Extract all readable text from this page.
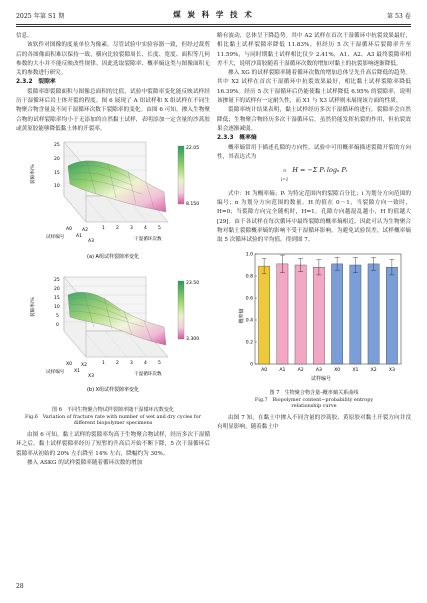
2025 年第 S1 期	煤 炭 科 学 技 术	第 53 卷

信息。

该软件对图像的度量单位为像素。尽管试验中实验容器一致，但经过裁剪后的各图像面积难以保持一致，横向比较裂隙周长、长度、宽度、面积等几何参数的大小并不能反映改性规律。因此选取裂隙率、概率熵这类与图像面积无关的参数进行研究。

2.3.2　裂隙率

裂隙率即裂隙面积与图像总面积的比值，试验中裂隙率变化能反映试样经历干湿循环后岩土体开裂的程度。图 6 展现了 A 组试样和 X 组试样在不同生物聚合物含量及不同干湿循环次数下裂隙率的变化。由图 6 可知，掺入生物聚合物的试样裂隙率均小于无添加的自然黏土试样，表明添加一定含量的沙蒿胶或黄原胶能够降低黏土体的开裂率。

25
20
15
10
裂隙率/%
A0
A1
A2
A3
试样编号
1 2 3 4 5
干湿循环次数
22.05
8.150
(a) A组试样裂隙率变化

25
20
15
10
5
0
裂隙率/%
X0
X1
X2
X3
试样编号
1 2 3 4 5
干湿循环次数
23.50
3.300
(b) X组试样裂隙率变化
图 6　不同生物聚合物试样裂隙率随干湿循环次数变化
Fig.6　Variation of fracture rate with number of wet and dry cycles for different biopolymer specimens

由图 6 可知，黏土试样的裂隙率均高于生物聚合物试样，经历多次干湿循环之后，黏土试样裂隙率经历了短暂的升高后开始不断下降，5 次干湿循环后裂隙率从初始的 20% 左右降至 14% 左右，降幅约为 30%。

掺入 ASKG 的试样裂隙率随着循环次数的增加

略有波动，总体呈下降趋势。其中 A2 试样在首次干湿循环中抗裂效果最好，相比黏土试样裂隙率降低 11.83%。但经历 5 次干湿循环后裂隙率升至 11.59%，与同时期黏土试样相比仅少 2.41%，A1、A2、A3 最终裂隙率相差不大，说明沙蒿胶随着干湿循环次数的增加对黏土的抗裂影响逐渐降低。

掺入 XG 的试样裂隙率随着循环次数的增加总体呈先升高后降低的趋势。其中 X2 试样在首次干湿循环中抗裂效果最好，相比黏土试样裂隙率降低 16.39%。经历 5 次干湿循环后仍能使黏土试样降低 6.95% 的裂隙率，说明该掺量下的试样有一定耐久性，而 X1 与 X3 试样则未展现该方面的性质。

裂隙率统计结果表明，黏土试样经历多次干湿循环的进行，裂隙率会自然降低；生物聚合物经历多次干湿循环后，虽然仍能发挥抗裂的作用，但抗裂效果会逐渐减弱。

2.3.3　概率熵

概率熵常用于描述孔隙的方向性，试验中可用概率熵描述裂隙开裂的方向性，其表达式为

n
i=1 H = −Σ Pᵢ logₙ Pᵢ

式中：H 为概率熵；Pᵢ 为特定范围内的裂隙百分比；i 为划分方向范围的编号；n 为划分方向范围的数量。H 的值在 0～1，当裂隙方向一致时，H=0；当裂隙方向完全随机时，H=1。孔隙方向越混乱越小，H 的值越大[29]。由于各试样在每次循环中最终裂隙的概率熵相近，因此可认为生物聚合物对黏土裂隙概率熵的影响不受干湿循环影响。为避免试验误差，试样概率熵取 5 次循环试验的平均值，得到图 7。

0
0.2
0.4
0.6
0.8
1.0
A0	A1	A2	A3	X0	X1	X2	X3
概率熵
试样编号
图 7　生物聚合物含量–概率熵关系曲线
Fig.7　Biopolymer content−probability entropy
relationship curve

由图 7 知，在黏土中掺入不同含量的沙蒿胶、黄原胶对黏土开裂方向并没有明显影响。随着黏土中

28
